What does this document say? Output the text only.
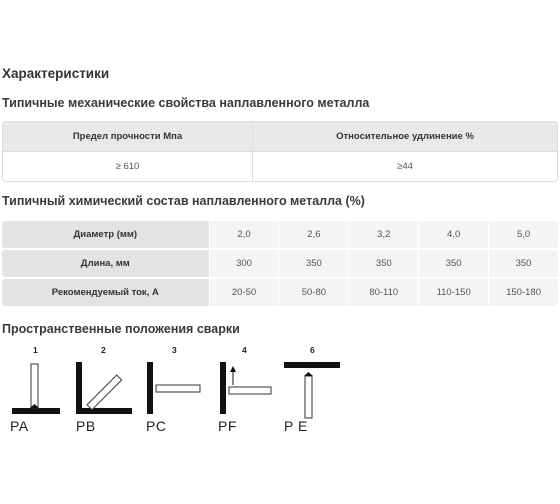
Характеристики
Типичные механические свойства наплавленного металла
Предел прочности Мпа	Относительное удлинение %
≥ 610	≥44
Типичный химический состав наплавленного металла (%)
Диаметр (мм)	2,0	2,6	3,2	4,0	5,0
Длина, мм	300	350	350	350	350
Рекомендуемый ток, А	20-50	50-80	80-110	110-150	150-180
Пространственные положения сварки
1	2	3	4	6
PA	PB	PC	PF	P E
